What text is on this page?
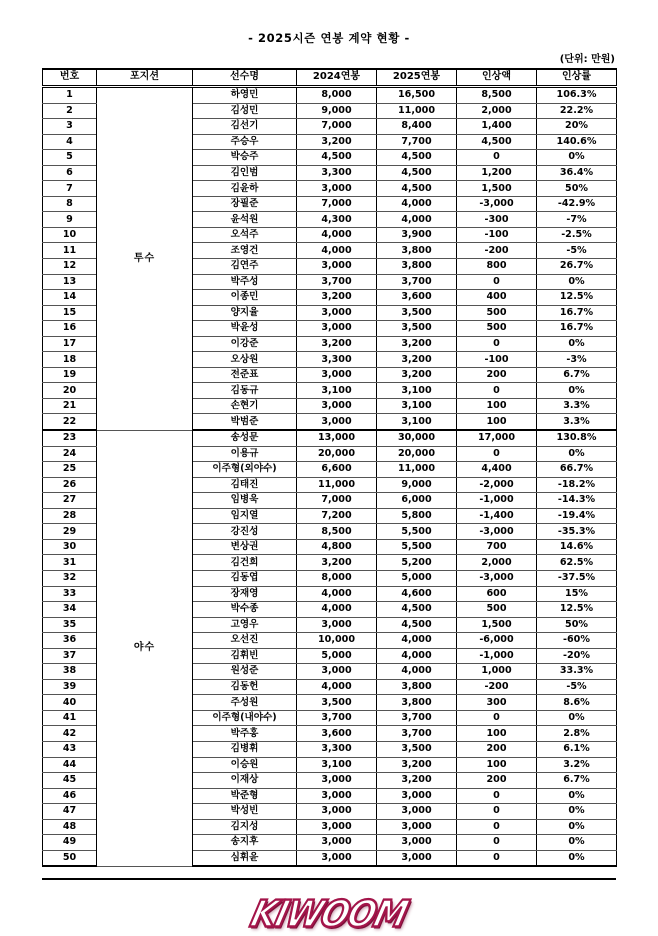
- 2025시즌 연봉 계약 현황 -
(단위: 만원)
번호	포지션	선수명	2024연봉	2025연봉	인상액	인상률
1	투수	하영민	8,000	16,500	8,500	106.3%
2		김성민	9,000	11,000	2,000	22.2%
3		김선기	7,000	8,400	1,400	20%
4		주승우	3,200	7,700	4,500	140.6%
5		박승주	4,500	4,500	0	0%
6		김인범	3,300	4,500	1,200	36.4%
7		김윤하	3,000	4,500	1,500	50%
8		장필준	7,000	4,000	-3,000	-42.9%
9		윤석원	4,300	4,000	-300	-7%
10		오석주	4,000	3,900	-100	-2.5%
11		조영건	4,000	3,800	-200	-5%
12		김연주	3,000	3,800	800	26.7%
13		박주성	3,700	3,700	0	0%
14		이종민	3,200	3,600	400	12.5%
15		양지율	3,000	3,500	500	16.7%
16		박윤성	3,000	3,500	500	16.7%
17		이강준	3,200	3,200	0	0%
18		오상원	3,300	3,200	-100	-3%
19		전준표	3,000	3,200	200	6.7%
20		김동규	3,100	3,100	0	0%
21		손현기	3,000	3,100	100	3.3%
22		박범준	3,000	3,100	100	3.3%
23	야수	송성문	13,000	30,000	17,000	130.8%
24		이용규	20,000	20,000	0	0%
25		이주형(외야수)	6,600	11,000	4,400	66.7%
26		김태진	11,000	9,000	-2,000	-18.2%
27		임병욱	7,000	6,000	-1,000	-14.3%
28		임지열	7,200	5,800	-1,400	-19.4%
29		강진성	8,500	5,500	-3,000	-35.3%
30		변상권	4,800	5,500	700	14.6%
31		김건희	3,200	5,200	2,000	62.5%
32		김동엽	8,000	5,000	-3,000	-37.5%
33		장재영	4,000	4,600	600	15%
34		박수종	4,000	4,500	500	12.5%
35		고영우	3,000	4,500	1,500	50%
36		오선진	10,000	4,000	-6,000	-60%
37		김휘빈	5,000	4,000	-1,000	-20%
38		원성준	3,000	4,000	1,000	33.3%
39		김동헌	4,000	3,800	-200	-5%
40		주성원	3,500	3,800	300	8.6%
41		이주형(내야수)	3,700	3,700	0	0%
42		박주홍	3,600	3,700	100	2.8%
43		김병휘	3,300	3,500	200	6.1%
44		이승원	3,100	3,200	100	3.2%
45		이재상	3,000	3,200	200	6.7%
46		박준형	3,000	3,000	0	0%
47		박성빈	3,000	3,000	0	0%
48		김지성	3,000	3,000	0	0%
49		송지후	3,000	3,000	0	0%
50		심휘윤	3,000	3,000	0	0%
KIWOOM
